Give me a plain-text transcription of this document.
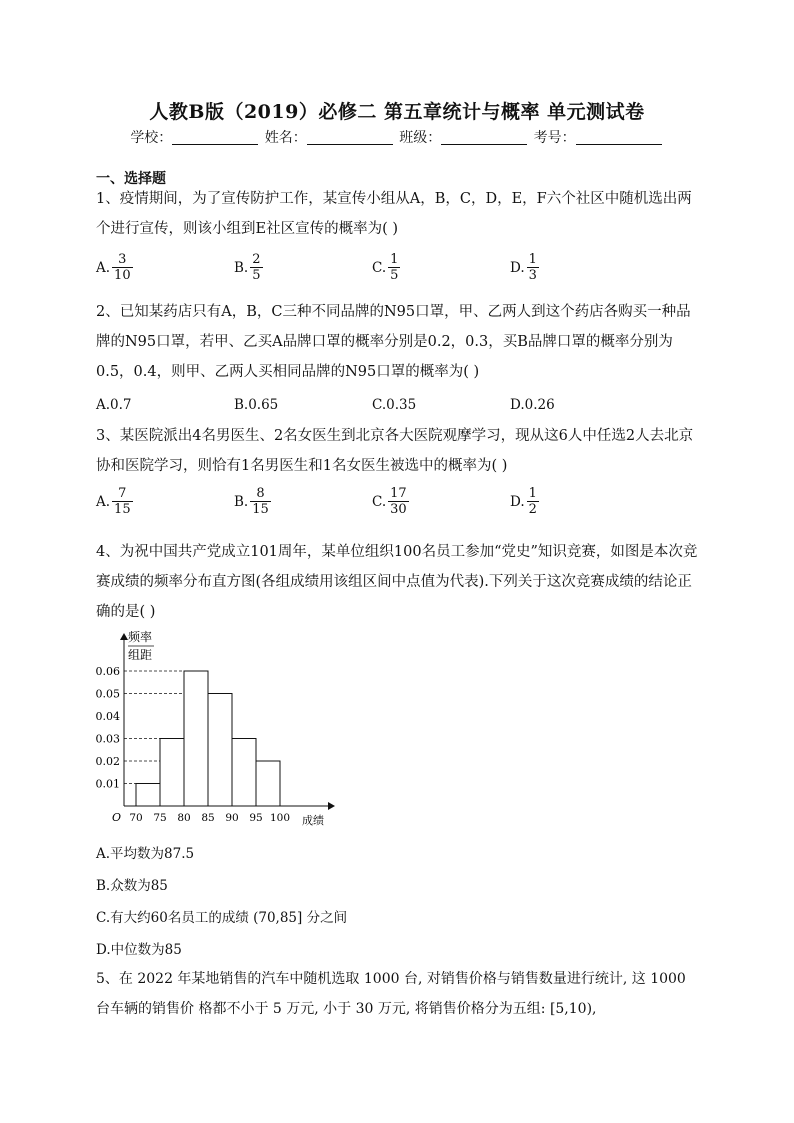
人教B版（2019）必修二 第五章统计与概率 单元测试卷
学校：	姓名：	班级：	考号：
一、选择题
1、疫情期间，为了宣传防护工作，某宣传小组从A，B，C，D，E，F六个社区中随机选出两个进行宣传，则该小组到E社区宣传的概率为( )
A. $\frac{3}{10}$	B. $\frac{2}{5}$	C. $\frac{1}{5}$	D. $\frac{1}{3}$
2、已知某药店只有A，B，C三种不同品牌的N95口罩，甲、乙两人到这个药店各购买一种品牌的N95口罩，若甲、乙买A品牌口罩的概率分别是0.2，0.3，买B品牌口罩的概率分别为0.5，0.4，则甲、乙两人买相同品牌的N95口罩的概率为( )
A.0.7	B.0.65	C.0.35	D.0.26
3、某医院派出4名男医生、2名女医生到北京各大医院观摩学习，现从这6人中任选2人去北京协和医院学习，则恰有1名男医生和1名女医生被选中的概率为( )
A. $\frac{7}{15}$	B. $\frac{8}{15}$	C. $\frac{17}{30}$	D. $\frac{1}{2}$
4、为祝中国共产党成立101周年，某单位组织100名员工参加“党史”知识竞赛，如图是本次竞赛成绩的频率分布直方图(各组成绩用该组区间中点值为代表).下列关于这次竞赛成绩的结论正确的是( )
频率
组距
O	成绩
0.01
0.02
0.03
0.04
0.05
0.06
70 75 80 85 90 95 100
A.平均数为87.5
B.众数为85
C.有大约60名员工的成绩 (70,85] 分之间
D.中位数为85
5、在 2022 年某地销售的汽车中随机选取 1000 台, 对销售价格与销售数量进行统计, 这 1000 台车辆的销售价 格都不小于 5 万元, 小于 30 万元, 将销售价格分为五组: [5,10),
